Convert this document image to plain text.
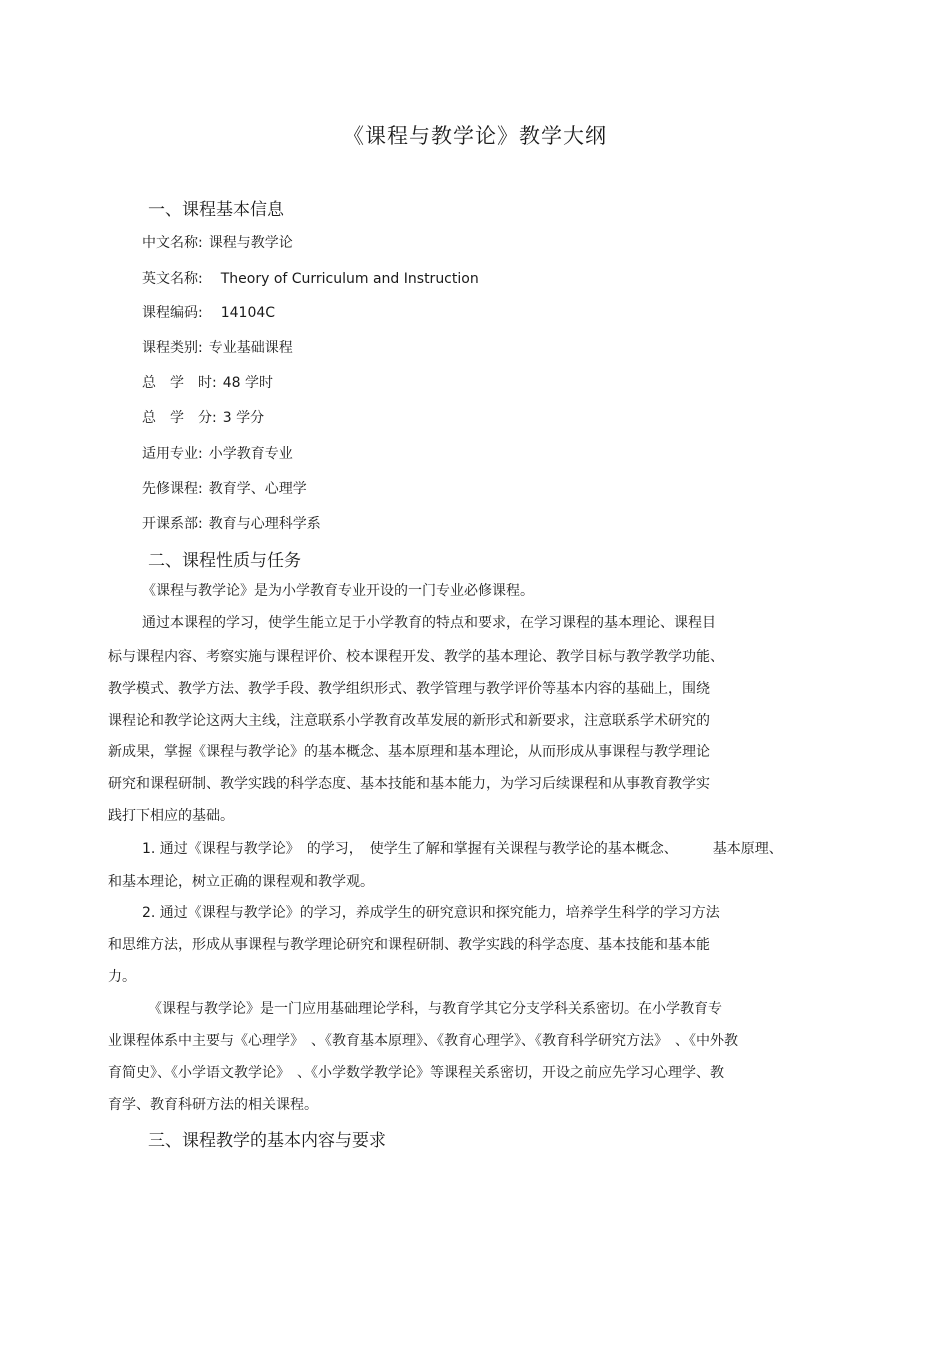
《课程与教学论》教学大纲
一、课程基本信息
中文名称: 课程与教学论
英文名称: Theory of Curriculum and Instruction
课程编码: 14104C
课程类别: 专业基础课程
总　学　时: 48 学时
总　学　分: 3 学分
适用专业: 小学教育专业
先修课程: 教育学、心理学
开课系部: 教育与心理科学系
二、课程性质与任务
《课程与教学论》是为小学教育专业开设的一门专业必修课程。
通过本课程的学习，使学生能立足于小学教育的特点和要求，在学习课程的基本理论、课程目
标与课程内容、考察实施与课程评价、校本课程开发、教学的基本理论、教学目标与教学教学功能、
教学模式、教学方法、教学手段、教学组织形式、教学管理与教学评价等基本内容的基础上，围绕
课程论和教学论这两大主线，注意联系小学教育改革发展的新形式和新要求，注意联系学术研究的
新成果，掌握《课程与教学论》的基本概念、基本原理和基本理论，从而形成从事课程与教学理论
研究和课程研制、教学实践的科学态度、基本技能和基本能力，为学习后续课程和从事教育教学实
践打下相应的基础。
1. 通过《课程与教学论》　的学习，　使学生了解和掌握有关课程与教学论的基本概念、　　　基本原理、
和基本理论，树立正确的课程观和教学观。
2. 通过《课程与教学论》的学习，养成学生的研究意识和探究能力，培养学生科学的学习方法
和思维方法，形成从事课程与教学理论研究和课程研制、教学实践的科学态度、基本技能和基本能
力。
《课程与教学论》是一门应用基础理论学科，与教育学其它分支学科关系密切。在小学教育专
业课程体系中主要与《心理学》　、《教育基本原理》、《教育心理学》、《教育科学研究方法》　、《中外教
育简史》、《小学语文教学论》　、《小学数学教学论》等课程关系密切，开设之前应先学习心理学、教
育学、教育科研方法的相关课程。
三、课程教学的基本内容与要求
